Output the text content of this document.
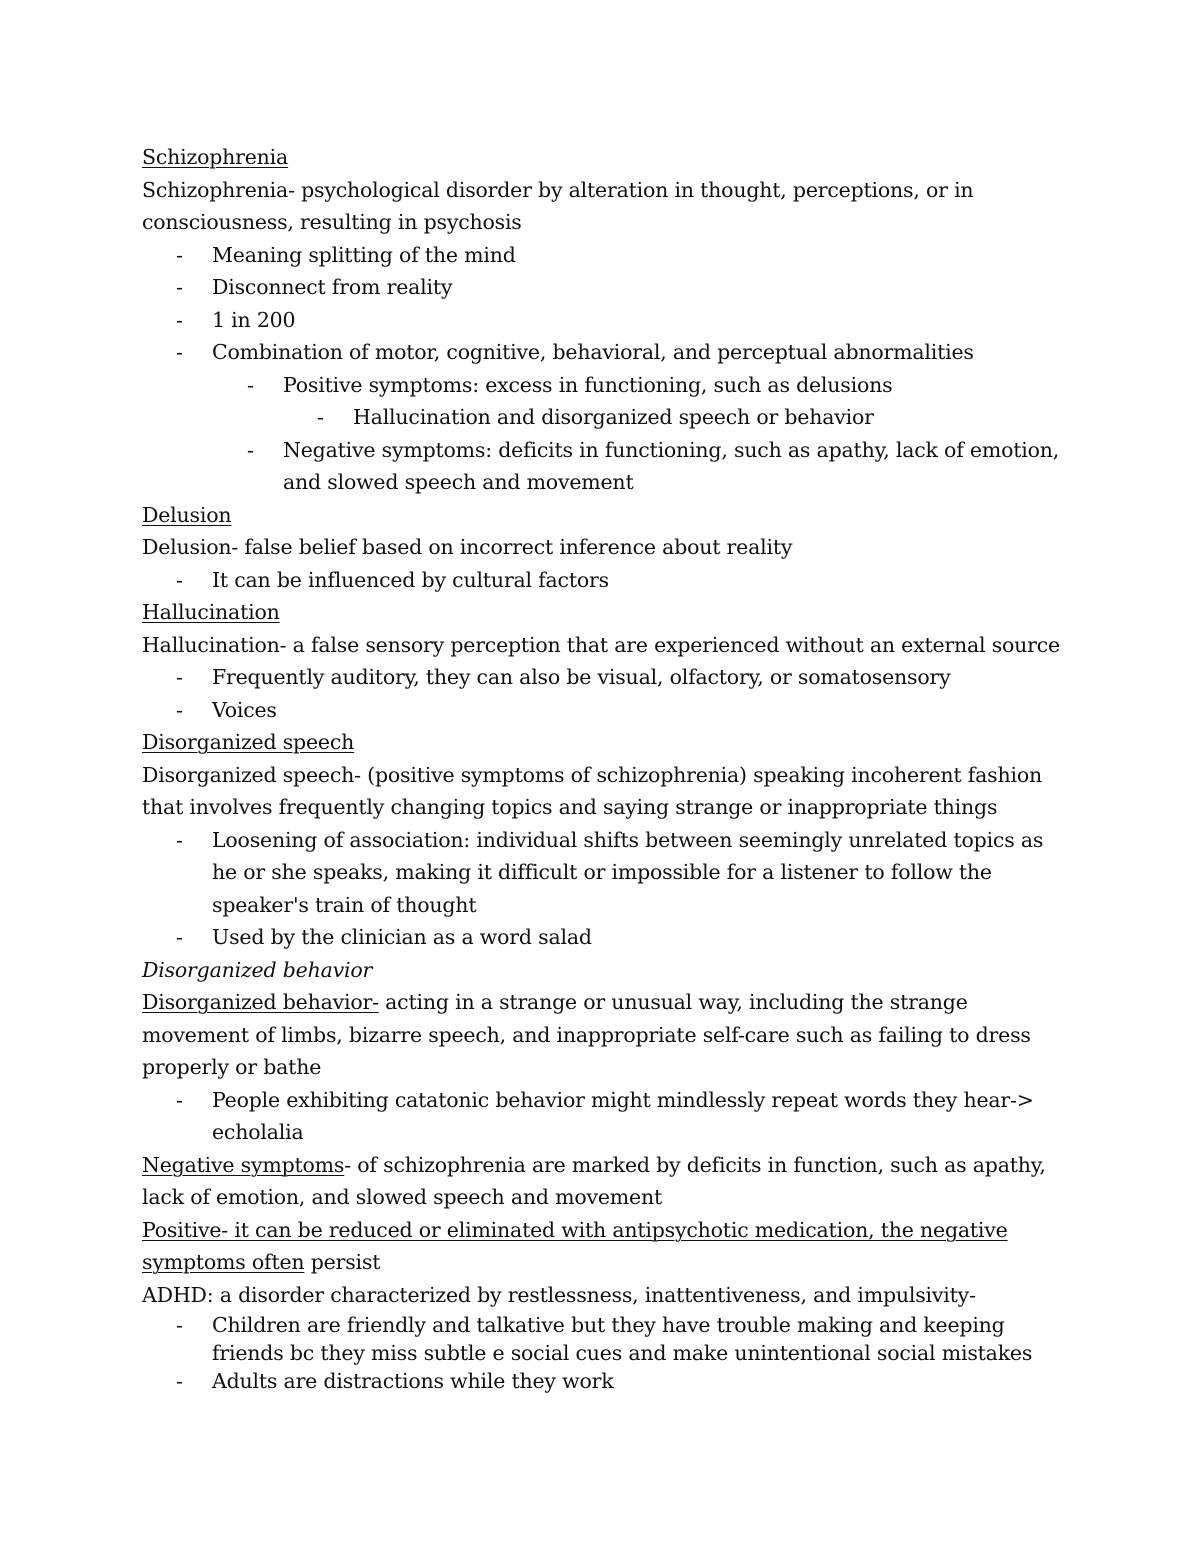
Schizophrenia
Schizophrenia- psychological disorder by alteration in thought, perceptions, or in
consciousness, resulting in psychosis
- Meaning splitting of the mind
- Disconnect from reality
- 1 in 200
- Combination of motor, cognitive, behavioral, and perceptual abnormalities
- Positive symptoms: excess in functioning, such as delusions
- Hallucination and disorganized speech or behavior
- Negative symptoms: deficits in functioning, such as apathy, lack of emotion,
and slowed speech and movement
Delusion
Delusion- false belief based on incorrect inference about reality
- It can be influenced by cultural factors
Hallucination
Hallucination- a false sensory perception that are experienced without an external source
- Frequently auditory, they can also be visual, olfactory, or somatosensory
- Voices
Disorganized speech
Disorganized speech- (positive symptoms of schizophrenia) speaking incoherent fashion
that involves frequently changing topics and saying strange or inappropriate things
- Loosening of association: individual shifts between seemingly unrelated topics as
he or she speaks, making it difficult or impossible for a listener to follow the
speaker's train of thought
- Used by the clinician as a word salad
Disorganized behavior
Disorganized behavior- acting in a strange or unusual way, including the strange
movement of limbs, bizarre speech, and inappropriate self-care such as failing to dress
properly or bathe
- People exhibiting catatonic behavior might mindlessly repeat words they hear->
echolalia
Negative symptoms- of schizophrenia are marked by deficits in function, such as apathy,
lack of emotion, and slowed speech and movement
Positive- it can be reduced or eliminated with antipsychotic medication, the negative
symptoms often persist
ADHD: a disorder characterized by restlessness, inattentiveness, and impulsivity-
- Children are friendly and talkative but they have trouble making and keeping
friends bc they miss subtle e social cues and make unintentional social mistakes
- Adults are distractions while they work
